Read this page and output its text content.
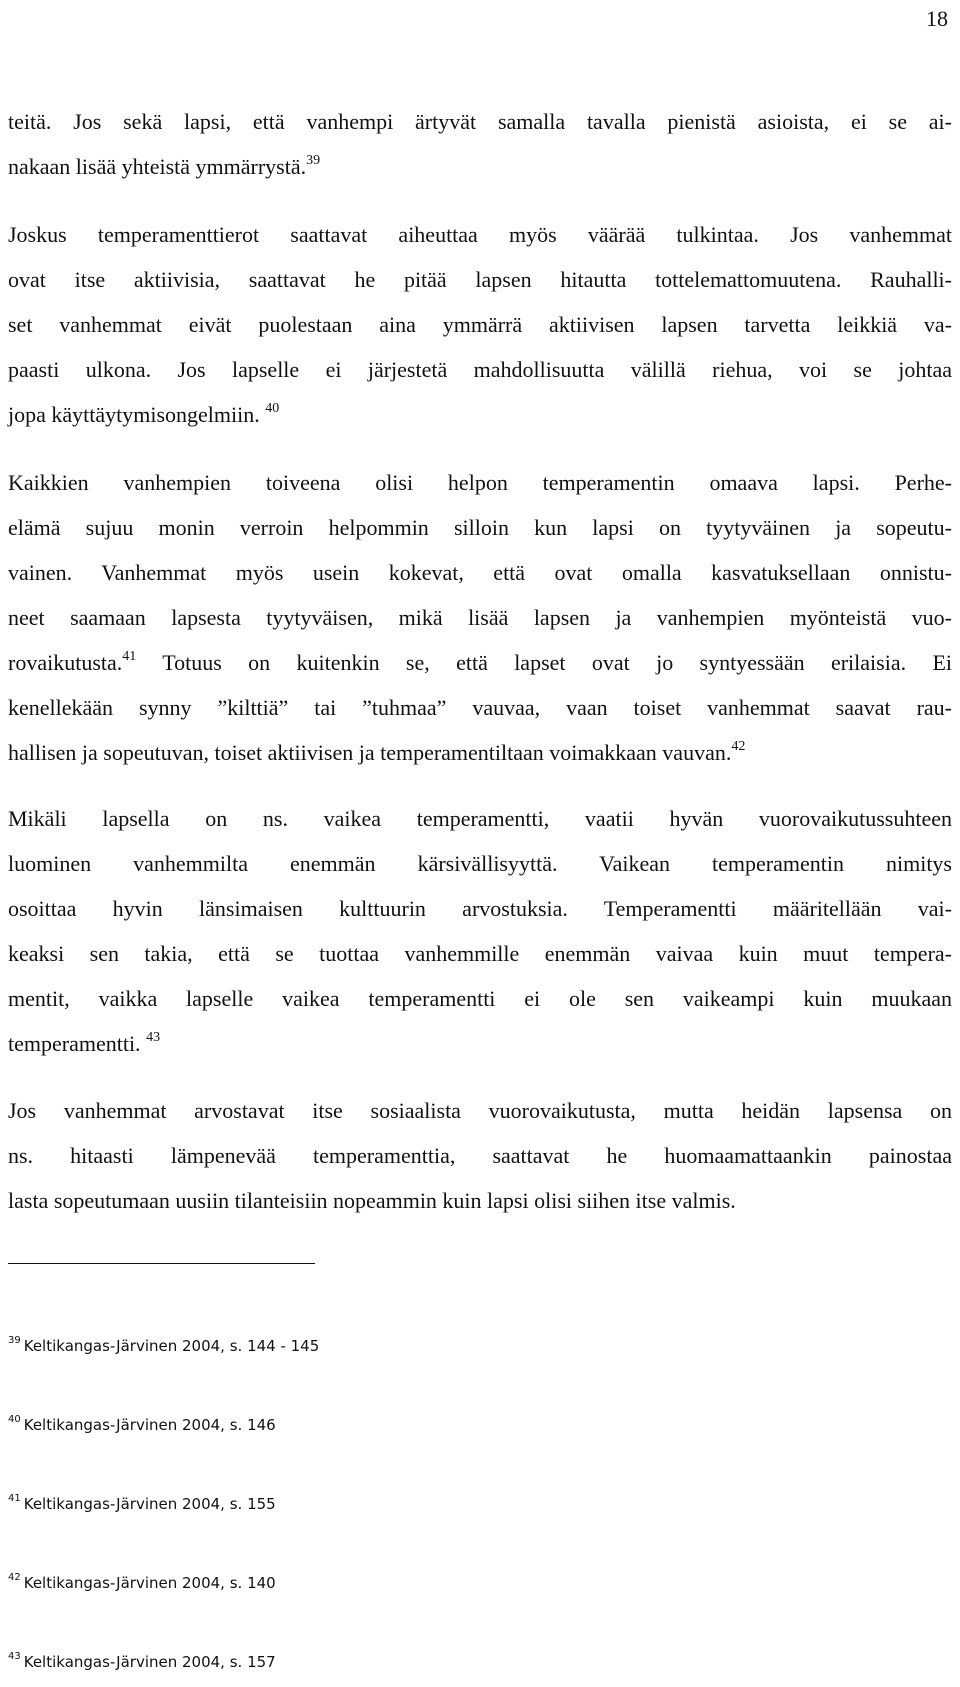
18
teitä. Jos sekä lapsi, että vanhempi ärtyvät samalla tavalla pienistä asioista, ei se ai-
nakaan lisää yhteistä ymmärrystä.$^{39}$
Joskus temperamenttierot saattavat aiheuttaa myös väärää tulkintaa. Jos vanhemmat
ovat itse aktiivisia, saattavat he pitää lapsen hitautta tottelemattomuutena. Rauhalli-
set vanhemmat eivät puolestaan aina ymmärrä aktiivisen lapsen tarvetta leikkiä va-
paasti ulkona. Jos lapselle ei järjestetä mahdollisuutta välillä riehua, voi se johtaa
jopa käyttäytymisongelmiin. $^{40}$
Kaikkien vanhempien toiveena olisi helpon temperamentin omaava lapsi. Perhe-
elämä sujuu monin verroin helpommin silloin kun lapsi on tyytyväinen ja sopeutu-
vainen. Vanhemmat myös usein kokevat, että ovat omalla kasvatuksellaan onnistu-
neet saamaan lapsesta tyytyväisen, mikä lisää lapsen ja vanhempien myönteistä vuo-
rovaikutusta.$^{41}$ Totuus on kuitenkin se, että lapset ovat jo syntyessään erilaisia. Ei
kenellekään synny ”kilttiä” tai ”tuhmaa” vauvaa, vaan toiset vanhemmat saavat rau-
hallisen ja sopeutuvan, toiset aktiivisen ja temperamentiltaan voimakkaan vauvan.$^{42}$
Mikäli lapsella on ns. vaikea temperamentti, vaatii hyvän vuorovaikutussuhteen
luominen vanhemmilta enemmän kärsivällisyyttä. Vaikean temperamentin nimitys
osoittaa hyvin länsimaisen kulttuurin arvostuksia. Temperamentti määritellään vai-
keaksi sen takia, että se tuottaa vanhemmille enemmän vaivaa kuin muut tempera-
mentit, vaikka lapselle vaikea temperamentti ei ole sen vaikeampi kuin muukaan
temperamentti. $^{43}$
Jos vanhemmat arvostavat itse sosiaalista vuorovaikutusta, mutta heidän lapsensa on
ns. hitaasti lämpenevää temperamenttia, saattavat he huomaamattaankin painostaa
lasta sopeutumaan uusiin tilanteisiin nopeammin kuin lapsi olisi siihen itse valmis.
$^{39}$ Keltikangas-Järvinen 2004, s. 144 - 145
$^{40}$ Keltikangas-Järvinen 2004, s. 146
$^{41}$ Keltikangas-Järvinen 2004, s. 155
$^{42}$ Keltikangas-Järvinen 2004, s. 140
$^{43}$ Keltikangas-Järvinen 2004, s. 157
